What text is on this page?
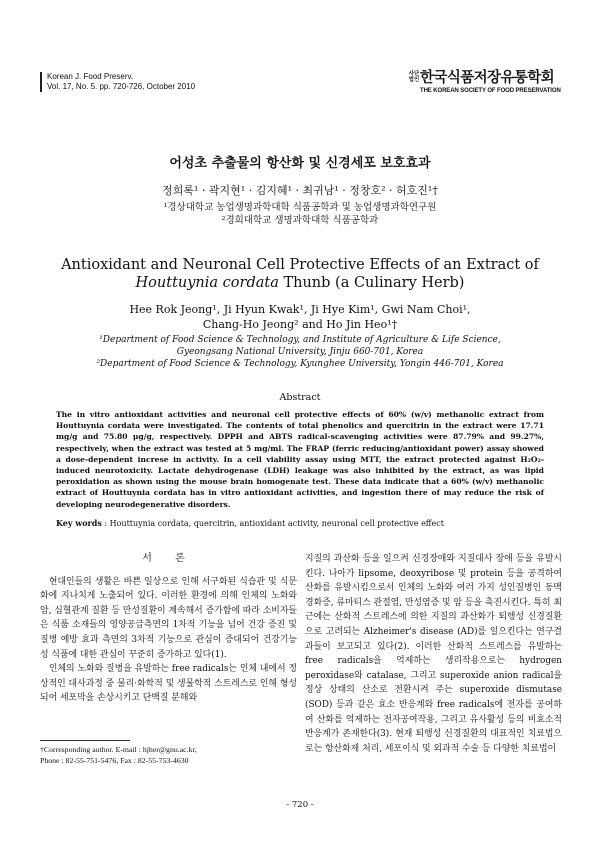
Korean J. Food Preserv.
Vol. 17, No. 5. pp. 720-726, October 2010
사단법인 한국식품저장유통학회
THE KOREAN SOCIETY OF FOOD PRESERVATION
어성초 추출물의 항산화 및 신경세포 보호효과
정희록¹ · 곽지현¹ · 김지혜¹ · 최귀남¹ · 정창호² · 허호진¹†
¹경상대학교 농업생명과학대학 식품공학과 및 농업생명과학연구원
²경희대학교 생명과학대학 식품공학과
Antioxidant and Neuronal Cell Protective Effects of an Extract of
Houttuynia cordata Thunb (a Culinary Herb)
Hee Rok Jeong¹, Ji Hyun Kwak¹, Ji Hye Kim¹, Gwi Nam Choi¹,
Chang-Ho Jeong² and Ho Jin Heo¹†
¹Department of Food Science & Technology, and Institute of Agriculture & Life Science,
Gyeongsang National University, Jinju 660-701, Korea
²Department of Food Science & Technology, Kyunghee University, Yongin 446-701, Korea
Abstract
The in vitro antioxidant activities and neuronal cell protective effects of 60% (w/v) methanolic extract from Houttuynia cordata were investigated. The contents of total phenolics and quercitrin in the extract were 17.71 mg/g and 75.80 μg/g, respectively. DPPH and ABTS radical-scavenging activities were 87.79% and 99.27%, respectively, when the extract was tested at 5 mg/ml. The FRAP (ferric reducing/antioxidant power) assay showed a dose-dependent increse in activity. In a cell viability assay using MTT, the extract protected against H₂O₂-induced neurotoxicity. Lactate dehydrogenase (LDH) leakage was also inhibited by the extract, as was lipid peroxidation as shown using the mouse brain homogenate test. These data indicate that a 60% (w/v) methanolic extract of Houttuynia cordata has in vitro antioxidant activities, and ingestion there of may reduce the risk of developing neurodegenerative disorders.
Key words : Houttuynia cordata, quercitrin, antioxidant activity, neuronal cell protective effect
서 론

현대인들의 생활은 바쁜 일상으로 인해 서구화된 식습관 및 식문화에 지나치게 노출되어 있다. 이러한 환경에 의해 인체의 노화와 암, 심혈관계 질환 등 만성질환이 계속해서 증가함에 따라 소비자들은 식품 소재들의 영양공급측면의 1차적 기능을 넘어 건강 증진 및 질병 예방 효과 측면의 3차적 기능으로 관심이 증대되어 건강기능성 식품에 대한 관심이 꾸준히 증가하고 있다(1).

인체의 노화와 질병을 유발하는 free radicals는 인체 내에서 정상적인 대사과정 중 물리·화학적 및 생물학적 스트레스로 인해 형성되어 세포막을 손상시키고 단백질 분해와

지질의 과산화 등을 일으켜 신경장애와 지질대사 장애 등을 유발시킨다. 나아가 lipsome, deoxyribose 및 protein 등을 공격하여 산화를 유발시킴으로서 인체의 노화와 여러 가지 성인질병인 동맥경화증, 류마티스 관절염, 만성염증 및 암 등을 촉진시킨다. 특히 최근에는 산화적 스트레스에 의한 지질의 과산화가 퇴행성 신경질환으로 고려되는 Alzheimer's disease (AD)를 일으킨다는 연구결과들이 보고되고 있다(2). 이러한 산화적 스트레스를 유발하는 free radicals을 억제하는 생리작용으로는 hydrogen peroxidase와 catalase, 그리고 superoxide anion radical을 정상 상태의 산소로 전환시켜 주는 superoxide dismutase (SOD) 등과 같은 효소 반응계와 free radicals에 전자를 공여하여 산화를 억제하는 전자공여작용, 그리고 유사활성 등의 비효소적 반응계가 존재한다(3). 현재 퇴행성 신경질환의 대표적인 치료법으로는 항산화제 처리, 세포이식 및 외과적 수술 등 다양한 치료법이

†Corresponding author. E-mail : hjher@gnu.ac.kr,
Phone : 82-55-751-5476, Fax : 82-55-753-4630
- 720 -
